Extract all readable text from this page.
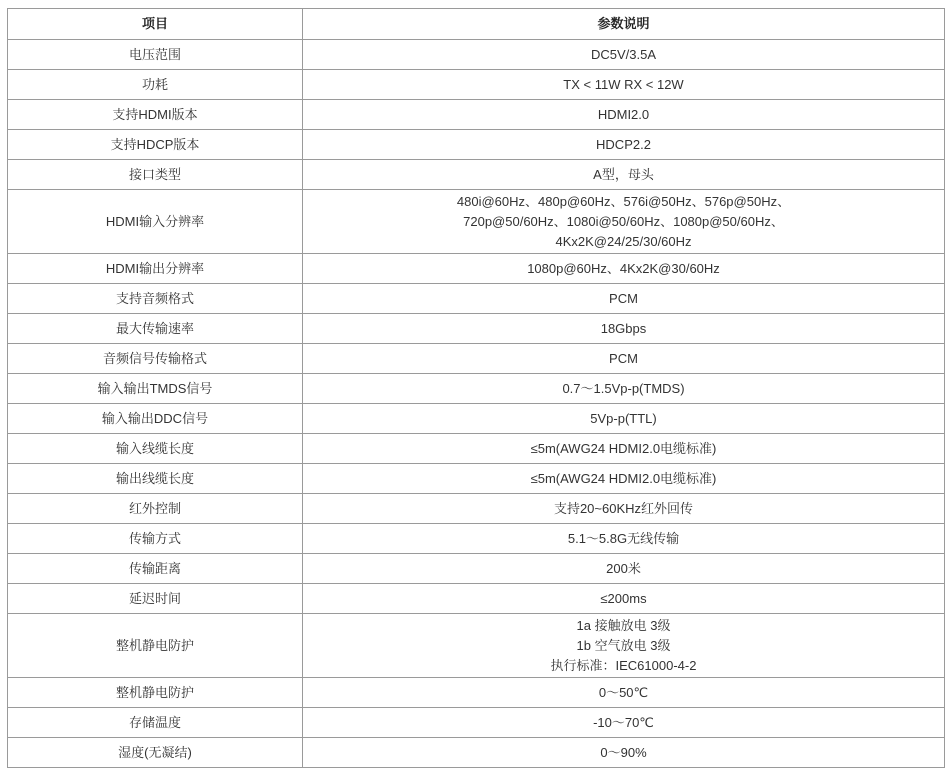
项目	参数说明
电压范围	DC5V/3.5A

功耗	TX < 11W RX < 12W

支持HDMI版本	HDMI2.0

支持HDCP版本	HDCP2.2

接口类型	A型，母头

HDMI输入分辨率	480i@60Hz、480p@60Hz、576i@50Hz、576p@50Hz、
720p@50/60Hz、1080i@50/60Hz、1080p@50/60Hz、
4Kx2K@24/25/30/60Hz

HDMI输出分辨率	1080p@60Hz、4Kx2K@30/60Hz

支持音频格式	PCM

最大传输速率	18Gbps

音频信号传输格式	PCM

输入输出TMDS信号	0.7～1.5Vp-p(TMDS)

输入输出DDC信号	5Vp-p(TTL)

输入线缆长度	≤5m(AWG24 HDMI2.0电缆标准)

输出线缆长度	≤5m(AWG24 HDMI2.0电缆标准)

红外控制	支持20~60KHz红外回传

传输方式	5.1～5.8G无线传输

传输距离	200米

延迟时间	≤200ms

整机静电防护	1a 接触放电 3级
1b 空气放电 3级
执行标准：IEC61000-4-2

整机静电防护	0～50℃

存储温度	-10～70℃

湿度(无凝结)	0～90%
